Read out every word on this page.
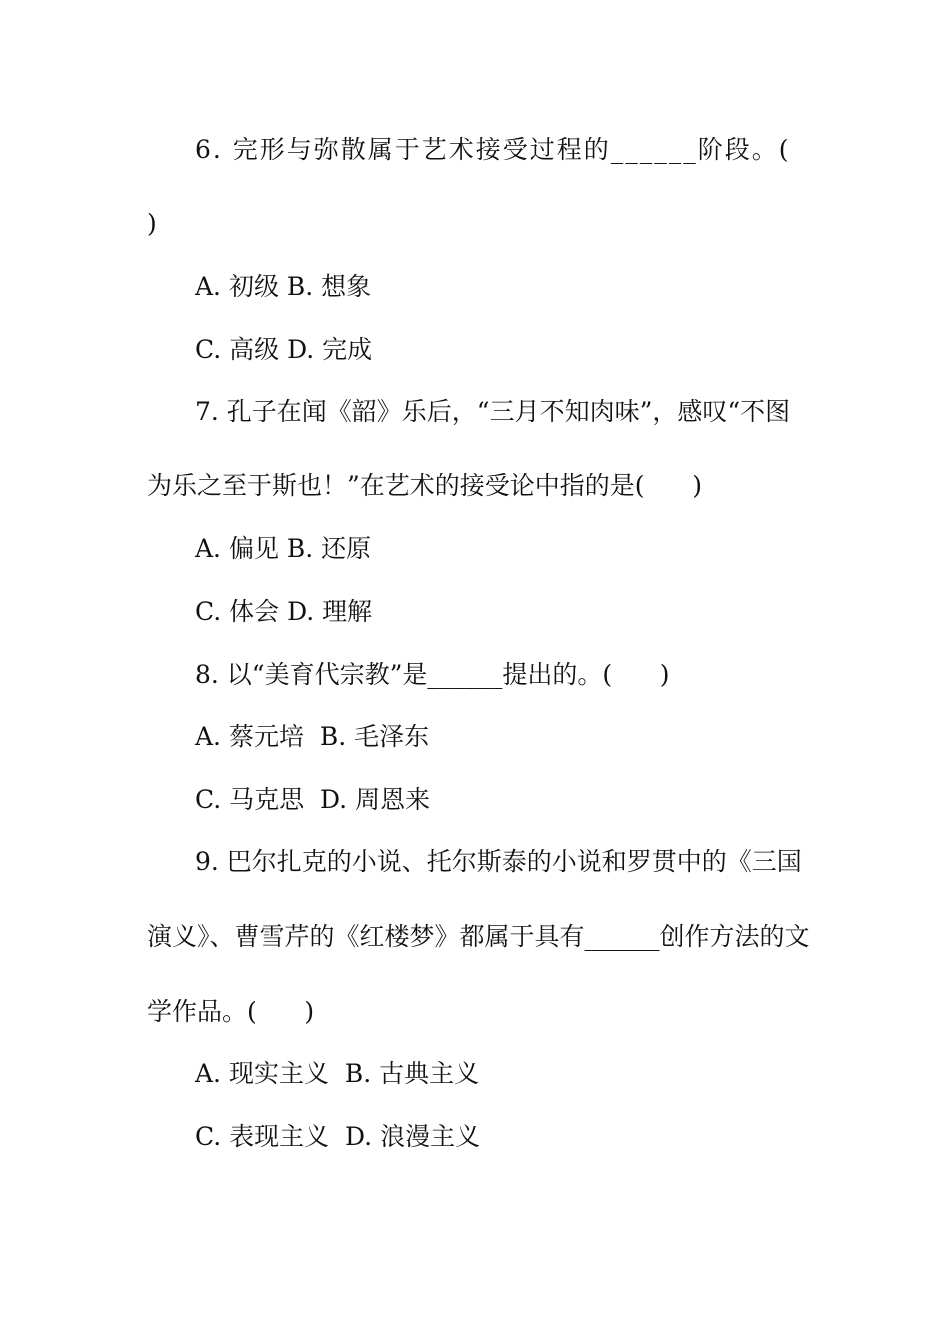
6. 完形与弥散属于艺术接受过程的______阶段。(
)
A. 初级 B. 想象
C. 高级 D. 完成
7. 孔子在闻《韶》乐后，“三月不知肉味”，感叹“不图
为乐之至于斯也！”在艺术的接受论中指的是(      )
A. 偏见 B. 还原
C. 体会 D. 理解
8. 以“美育代宗教”是______提出的。(      )
A. 蔡元培  B. 毛泽东
C. 马克思  D. 周恩来
9. 巴尔扎克的小说、托尔斯泰的小说和罗贯中的《三国
演义》、曹雪芹的《红楼梦》都属于具有______创作方法的文
学作品。(      )
A. 现实主义  B. 古典主义
C. 表现主义  D. 浪漫主义
